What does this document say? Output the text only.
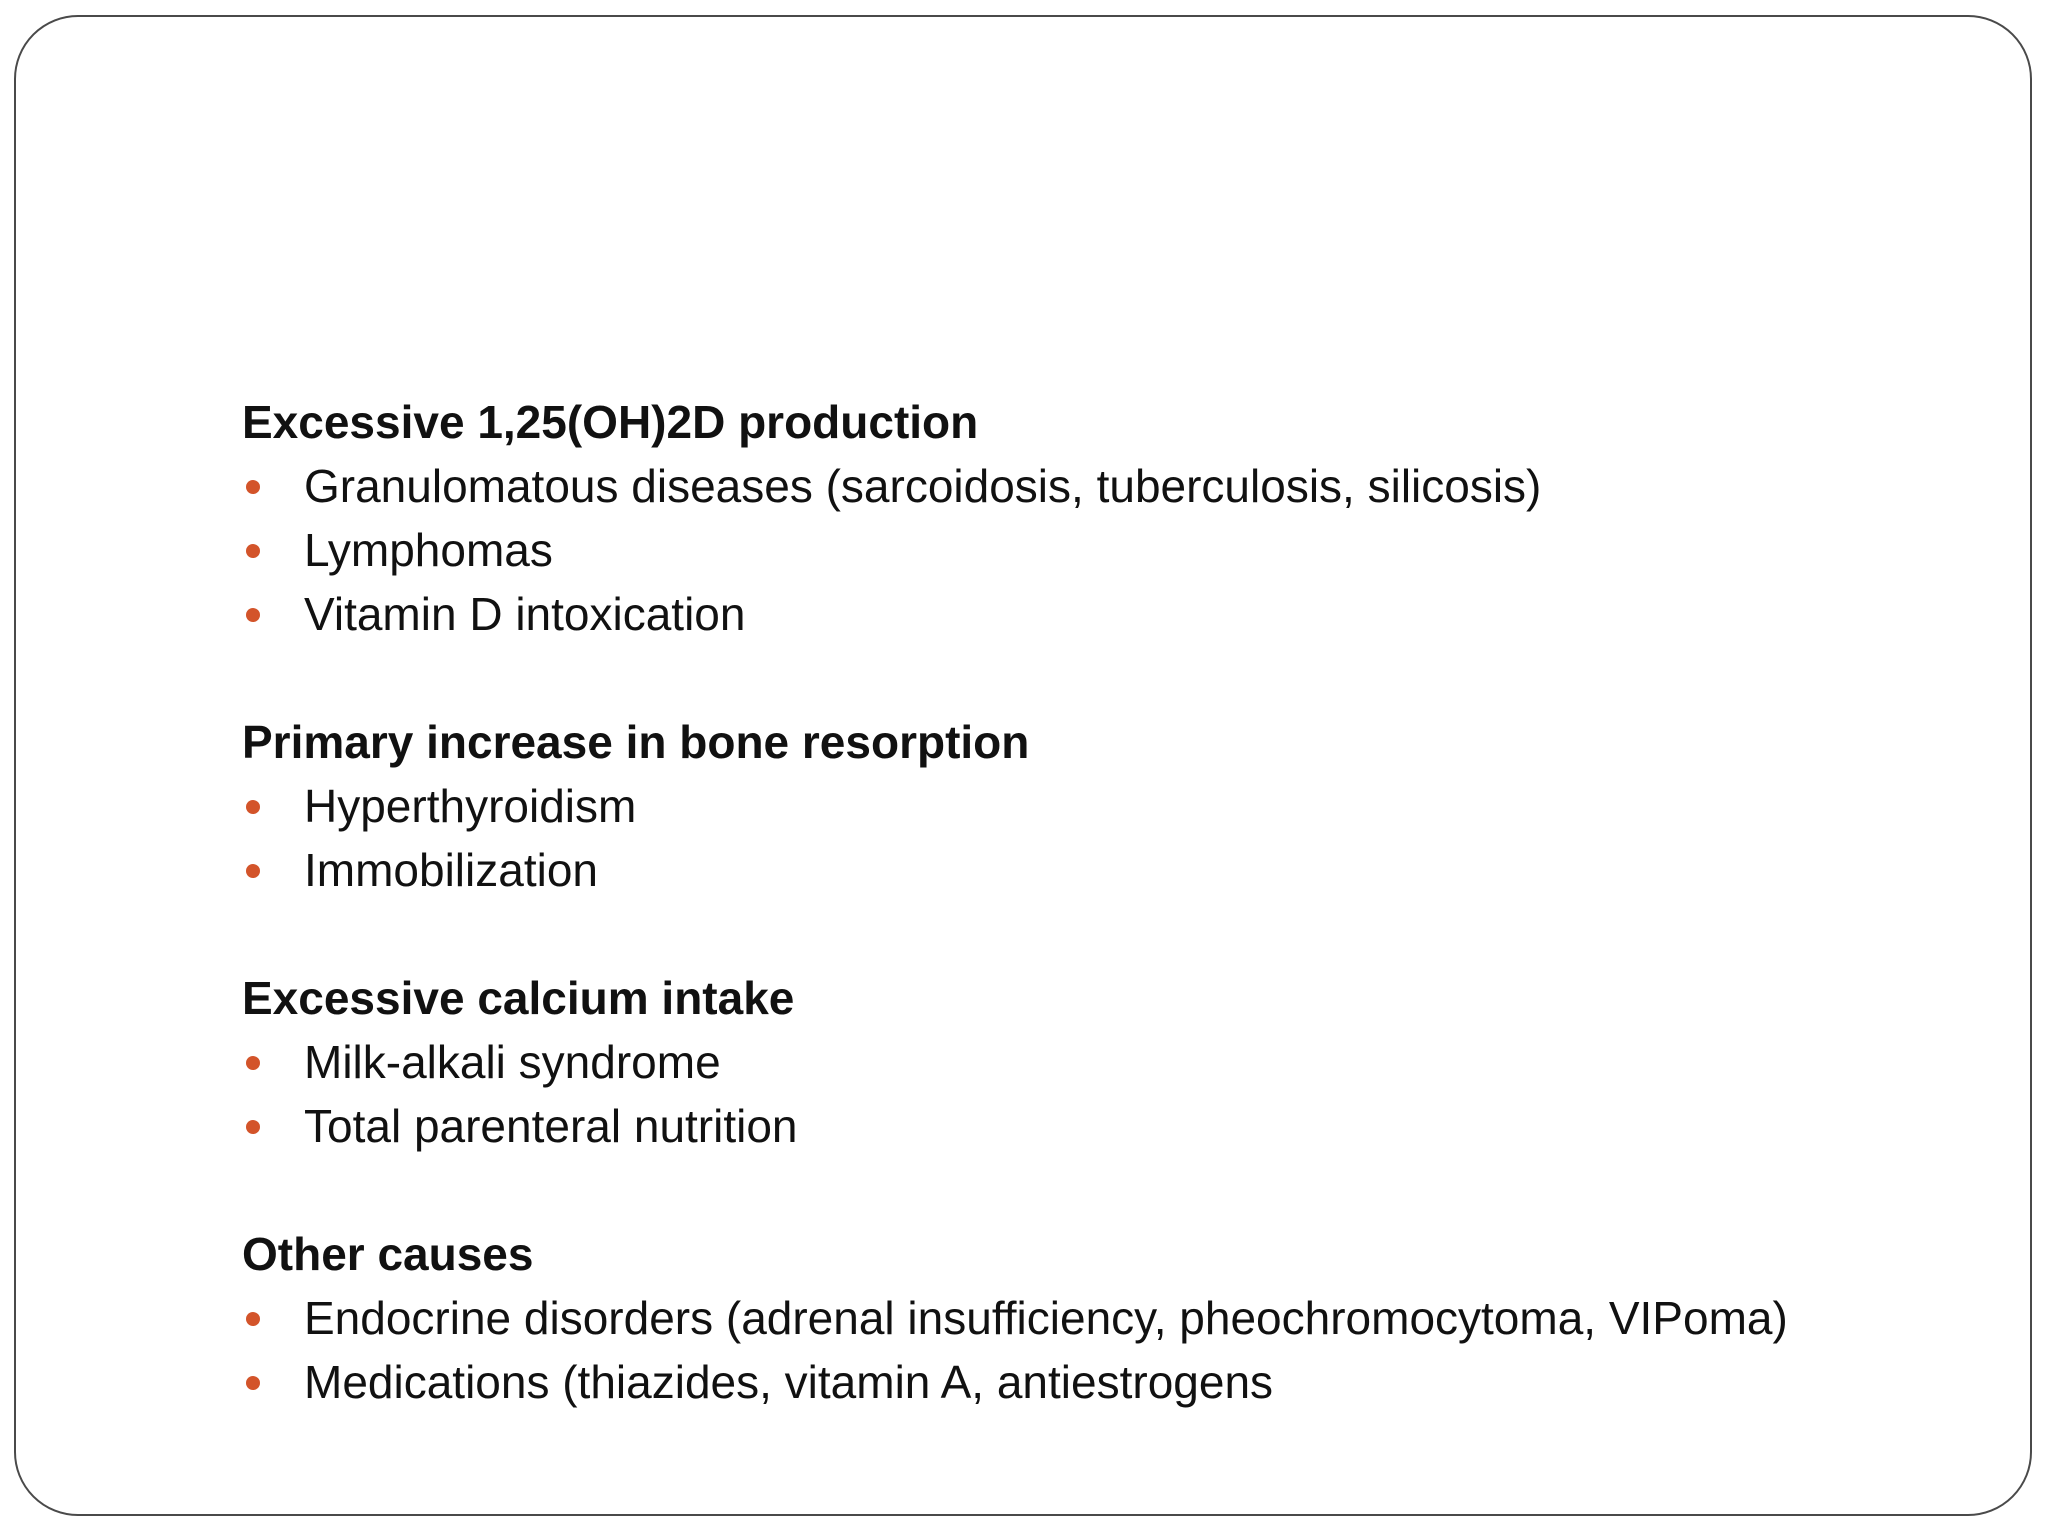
Excessive 1,25(OH)2D production
Granulomatous diseases (sarcoidosis, tuberculosis, silicosis)
Lymphomas
Vitamin D intoxication
Primary increase in bone resorption
Hyperthyroidism
Immobilization
Excessive calcium intake
Milk-alkali syndrome
Total parenteral nutrition
Other causes
Endocrine disorders (adrenal insufficiency, pheochromocytoma, VIPoma)
Medications (thiazides, vitamin A, antiestrogens
